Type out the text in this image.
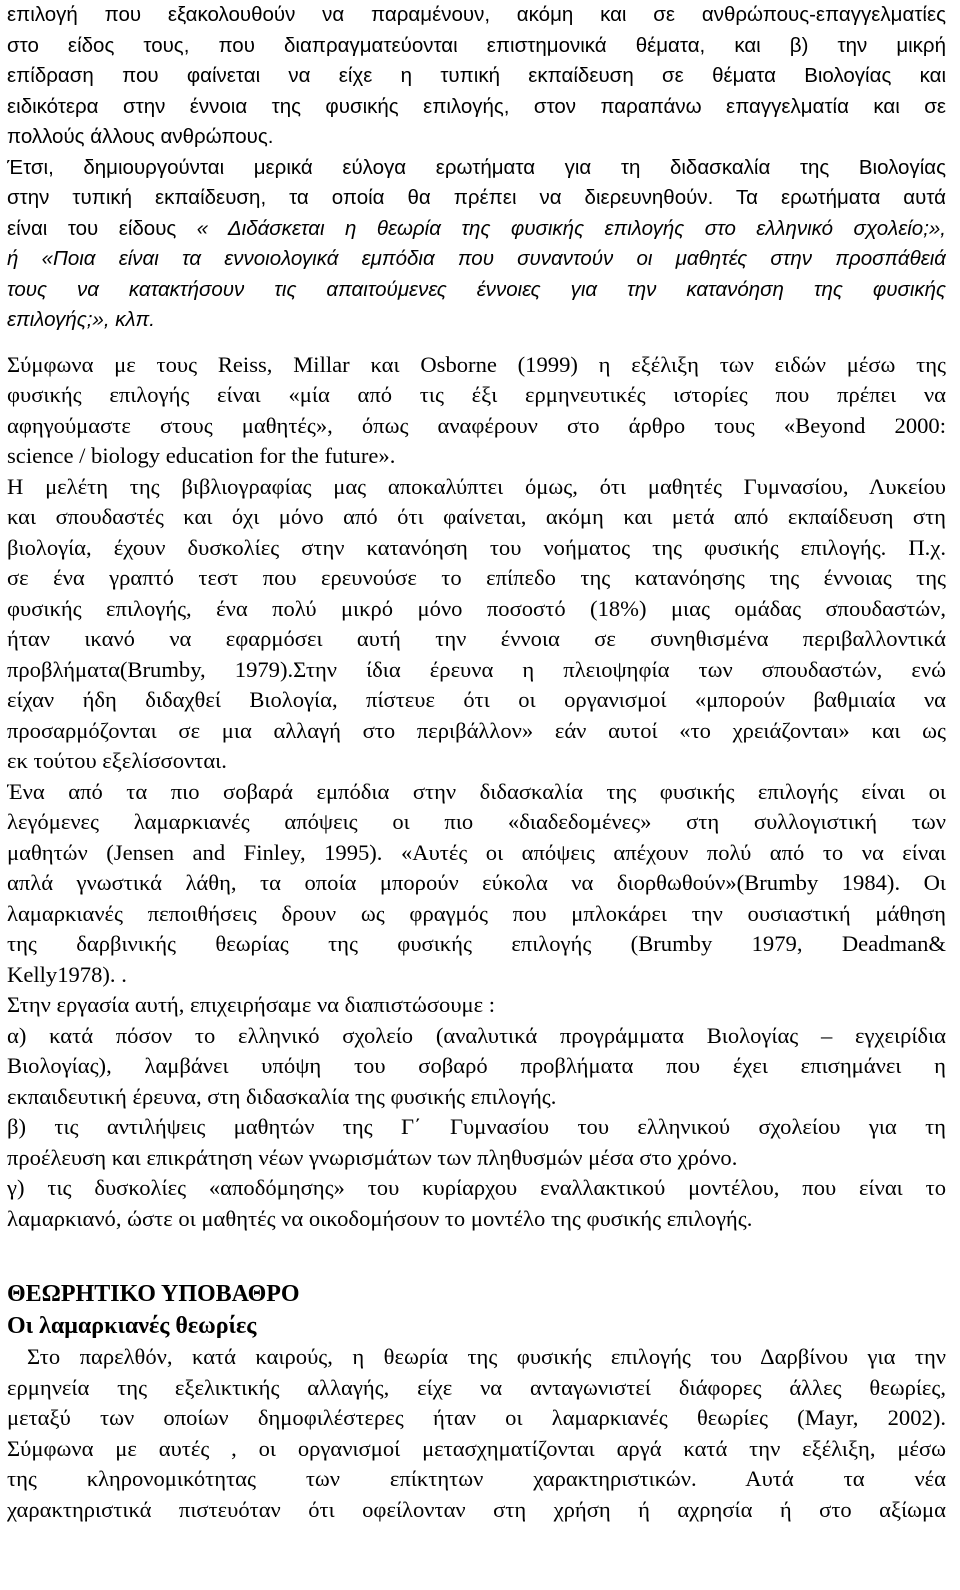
επιλογή που εξακολουθούν να παραμένουν, ακόμη και σε ανθρώπους-επαγγελματίες
στο είδος τους, που διαπραγματεύονται επιστημονικά θέματα, και β) την μικρή
επίδραση που φαίνεται να είχε η τυπική εκπαίδευση σε θέματα Βιολογίας και
ειδικότερα στην έννοια της φυσικής επιλογής, στον παραπάνω επαγγελματία και σε
πολλούς άλλους ανθρώπους.
Έτσι, δημιουργούνται μερικά εύλογα ερωτήματα για τη διδασκαλία της Βιολογίας
στην τυπική εκπαίδευση, τα οποία θα πρέπει να διερευνηθούν. Τα ερωτήματα αυτά
είναι του είδους « Διδάσκεται η θεωρία της φυσικής επιλογής στο ελληνικό σχολείο;»,
ή «Ποια είναι τα εννοιολογικά εμπόδια που συναντούν οι μαθητές στην προσπάθειά
τους να κατακτήσουν τις απαιτούμενες έννοιες για την κατανόηση της φυσικής
επιλογής;», κλπ.
Σύμφωνα με τους Reiss, Millar και Osborne (1999) η εξέλιξη των ειδών μέσω της
φυσικής επιλογής είναι «μία από τις έξι ερμηνευτικές ιστορίες που πρέπει να
αφηγούμαστε στους μαθητές», όπως αναφέρουν στο άρθρο τους «Beyond 2000:
science / biology education for the future».
Η μελέτη της βιβλιογραφίας μας αποκαλύπτει όμως, ότι μαθητές Γυμνασίου, Λυκείου
και σπουδαστές και όχι μόνο από ότι φαίνεται, ακόμη και μετά από εκπαίδευση στη
βιολογία, έχουν δυσκολίες στην κατανόηση του νοήματος της φυσικής επιλογής. Π.χ.
σε ένα γραπτό τεστ που ερευνούσε το επίπεδο της κατανόησης της έννοιας της
φυσικής επιλογής, ένα πολύ μικρό μόνο ποσοστό (18%) μιας ομάδας σπουδαστών,
ήταν ικανό να εφαρμόσει αυτή την έννοια σε συνηθισμένα περιβαλλοντικά
προβλήματα(Brumby, 1979).Στην ίδια έρευνα η πλειοψηφία των σπουδαστών, ενώ
είχαν ήδη διδαχθεί Βιολογία, πίστευε ότι οι οργανισμοί «μπορούν βαθμιαία να
προσαρμόζονται σε μια αλλαγή στο περιβάλλον» εάν αυτοί «το χρειάζονται» και ως
εκ τούτου εξελίσσονται.
Ένα από τα πιο σοβαρά εμπόδια στην διδασκαλία της φυσικής επιλογής είναι οι
λεγόμενες λαμαρκιανές απόψεις οι πιο «διαδεδομένες» στη συλλογιστική των
μαθητών (Jensen and Finley, 1995). «Αυτές οι απόψεις απέχουν πολύ από το να είναι
απλά γνωστικά λάθη, τα οποία μπορούν εύκολα να διορθωθούν»(Brumby 1984). Οι
λαμαρκιανές πεποιθήσεις δρουν ως φραγμός που μπλοκάρει την ουσιαστική μάθηση
της δαρβινικής θεωρίας της φυσικής επιλογής (Brumby 1979, Deadman&
Kelly1978). .
Στην εργασία αυτή, επιχειρήσαμε να διαπιστώσουμε :
α) κατά πόσον το ελληνικό σχολείο (αναλυτικά προγράμματα Βιολογίας – εγχειρίδια
Βιολογίας), λαμβάνει υπόψη του σοβαρό προβλήματα που έχει επισημάνει η
εκπαιδευτική έρευνα, στη διδασκαλία της φυσικής επιλογής.
β) τις αντιλήψεις μαθητών της Γ΄ Γυμνασίου του ελληνικού σχολείου για τη
προέλευση και επικράτηση νέων γνωρισμάτων των πληθυσμών μέσα στο χρόνο.
γ) τις δυσκολίες «αποδόμησης» του κυρίαρχου εναλλακτικού μοντέλου, που είναι το
λαμαρκιανό, ώστε οι μαθητές να οικοδομήσουν το μοντέλο της φυσικής επιλογής.
ΘΕΩΡΗΤΙΚΟ ΥΠΟΒΑΘΡΟ
Οι λαμαρκιανές θεωρίες
Στο παρελθόν, κατά καιρούς, η θεωρία της φυσικής επιλογής του Δαρβίνου για την
ερμηνεία της εξελικτικής αλλαγής, είχε να ανταγωνιστεί διάφορες άλλες θεωρίες,
μεταξύ των οποίων δημοφιλέστερες ήταν οι λαμαρκιανές θεωρίες (Mayr, 2002).
Σύμφωνα με αυτές , οι οργανισμοί μετασχηματίζονται αργά κατά την εξέλιξη, μέσω
της κληρονομικότητας των επίκτητων χαρακτηριστικών. Αυτά τα νέα
χαρακτηριστικά πιστευόταν ότι οφείλονταν στη χρήση ή αχρησία ή στο αξίωμα
